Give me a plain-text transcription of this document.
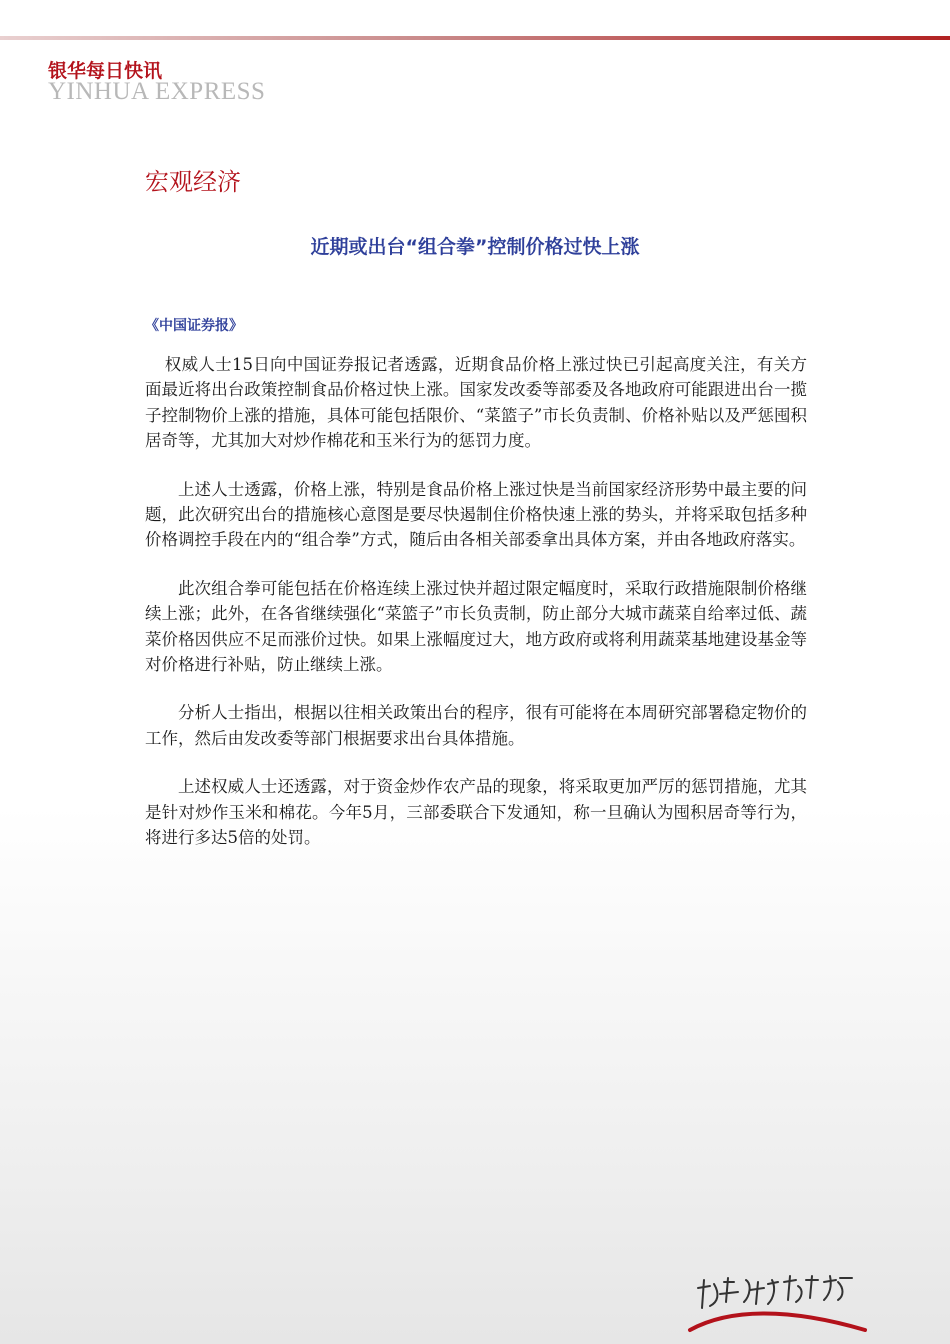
银华每日快讯
YINHUA EXPRESS
宏观经济
近期或出台“组合拳”控制价格过快上涨
《中国证券报》

权威人士15日向中国证券报记者透露，近期食品价格上涨过快已引起高度关注，有关方面最近将出台政策控制食品价格过快上涨。国家发改委等部委及各地政府可能跟进出台一揽子控制物价上涨的措施，具体可能包括限价、“菜篮子”市长负责制、价格补贴以及严惩囤积居奇等，尤其加大对炒作棉花和玉米行为的惩罚力度。

上述人士透露，价格上涨，特别是食品价格上涨过快是当前国家经济形势中最主要的问题，此次研究出台的措施核心意图是要尽快遏制住价格快速上涨的势头，并将采取包括多种价格调控手段在内的“组合拳”方式，随后由各相关部委拿出具体方案，并由各地政府落实。

此次组合拳可能包括在价格连续上涨过快并超过限定幅度时，采取行政措施限制价格继续上涨；此外，在各省继续强化“菜篮子”市长负责制，防止部分大城市蔬菜自给率过低、蔬菜价格因供应不足而涨价过快。如果上涨幅度过大，地方政府或将利用蔬菜基地建设基金等对价格进行补贴，防止继续上涨。

分析人士指出，根据以往相关政策出台的程序，很有可能将在本周研究部署稳定物价的工作，然后由发改委等部门根据要求出台具体措施。

上述权威人士还透露，对于资金炒作农产品的现象，将采取更加严厉的惩罚措施，尤其是针对炒作玉米和棉花。今年5月，三部委联合下发通知，称一旦确认为囤积居奇等行为，将进行多达5倍的处罚。
